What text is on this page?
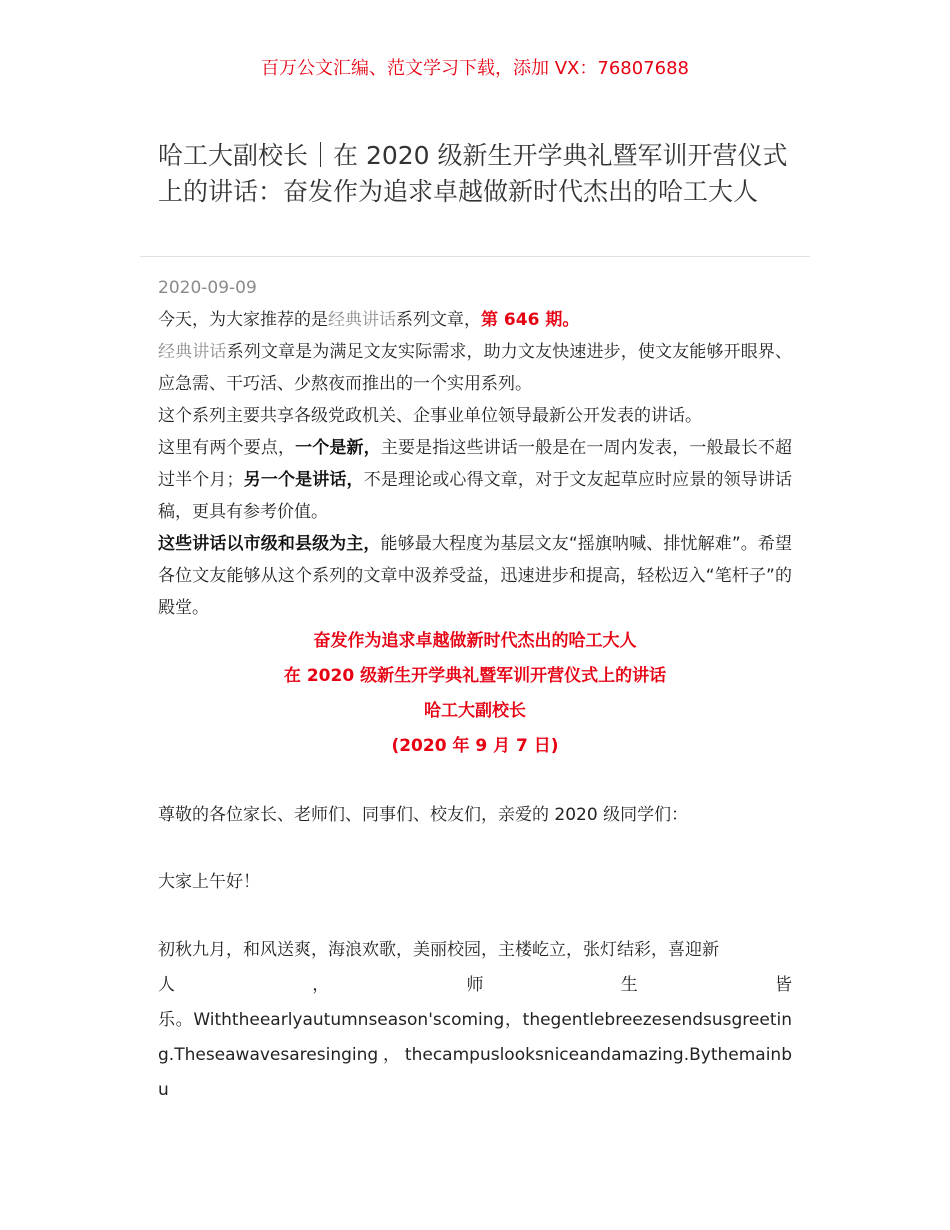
百万公文汇编、范文学习下载，添加 VX：76807688
哈工大副校长｜在 2020 级新生开学典礼暨军训开营仪式上的讲话：奋发作为追求卓越做新时代杰出的哈工大人
2020-09-09

今天，为大家推荐的是经典讲话系列文章，第 646 期。

经典讲话系列文章是为满足文友实际需求，助力文友快速进步，使文友能够开眼界、应急需、干巧活、少熬夜而推出的一个实用系列。

这个系列主要共享各级党政机关、企事业单位领导最新公开发表的讲话。

这里有两个要点，一个是新，主要是指这些讲话一般是在一周内发表，一般最长不超过半个月；另一个是讲话，不是理论或心得文章，对于文友起草应时应景的领导讲话稿，更具有参考价值。

这些讲话以市级和县级为主，能够最大程度为基层文友“摇旗呐喊、排忧解难”。希望各位文友能够从这个系列的文章中汲养受益，迅速进步和提高，轻松迈入“笔杆子”的殿堂。

奋发作为追求卓越做新时代杰出的哈工大人

在 2020 级新生开学典礼暨军训开营仪式上的讲话

哈工大副校长

(2020 年 9 月 7 日)

尊敬的各位家长、老师们、同事们、校友们，亲爱的 2020 级同学们：

大家上午好！

初秋九月，和风送爽，海浪欢歌，美丽校园，主楼屹立，张灯结彩，喜迎新

人，师生皆

乐。Withtheearlyautumnseason'scoming，thegentlebreezesendsusgreeting.Theseawavesaresinging，thecampuslooksniceandamazing.Bythemainbu
